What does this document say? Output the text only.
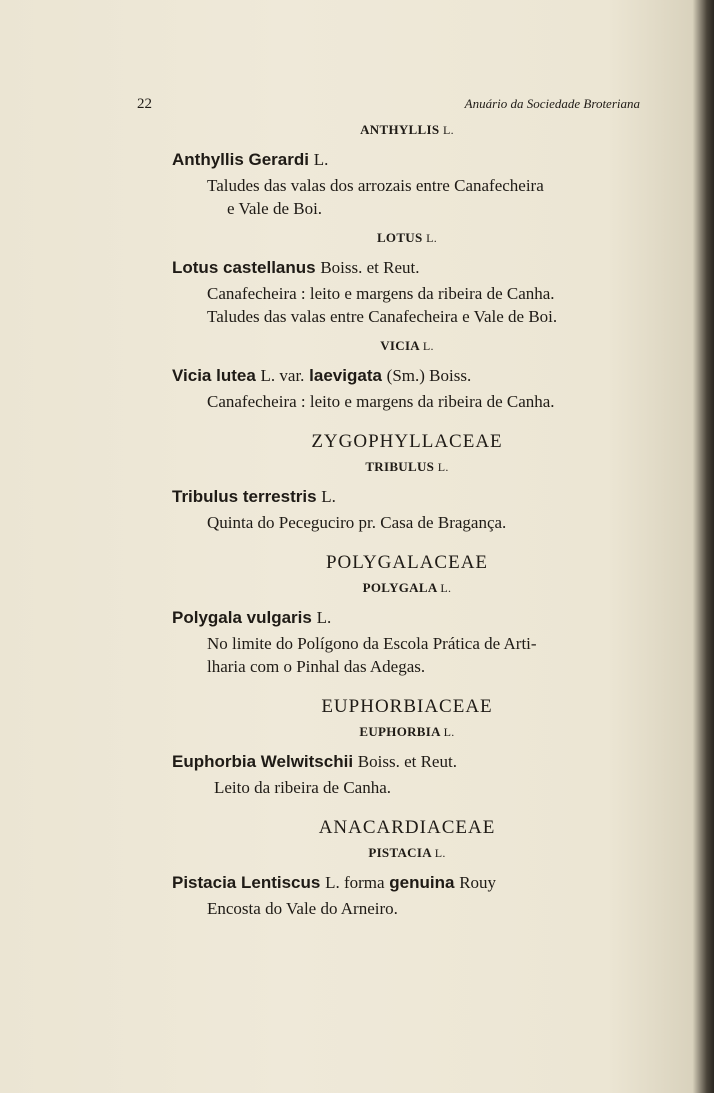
22	Anuário da Sociedade Broteriana

ANTHYLLIS L.

Anthyllis Gerardi L.

Taludes das valas dos arrozais entre Canafecheira
e Vale de Boi.

LOTUS L.

Lotus castellanus Boiss. et Reut.

Canafecheira : leito e margens da ribeira de Canha.
Taludes das valas entre Canafecheira e Vale de Boi.

VICIA L.

Vicia lutea L. var. laevigata (Sm.) Boiss.

Canafecheira : leito e margens da ribeira de Canha.

ZYGOPHYLLACEAE

TRIBULUS L.

Tribulus terrestris L.

Quinta do Peceguciro pr. Casa de Bragança.

POLYGALACEAE

POLYGALA L.

Polygala vulgaris L.

No limite do Polígono da Escola Prática de Arti-
lharia com o Pinhal das Adegas.

EUPHORBIACEAE

EUPHORBIA L.

Euphorbia Welwitschii Boiss. et Reut.

Leito da ribeira de Canha.

ANACARDIACEAE

PISTACIA L.

Pistacia Lentiscus L. forma genuina Rouy

Encosta do Vale do Arneiro.
